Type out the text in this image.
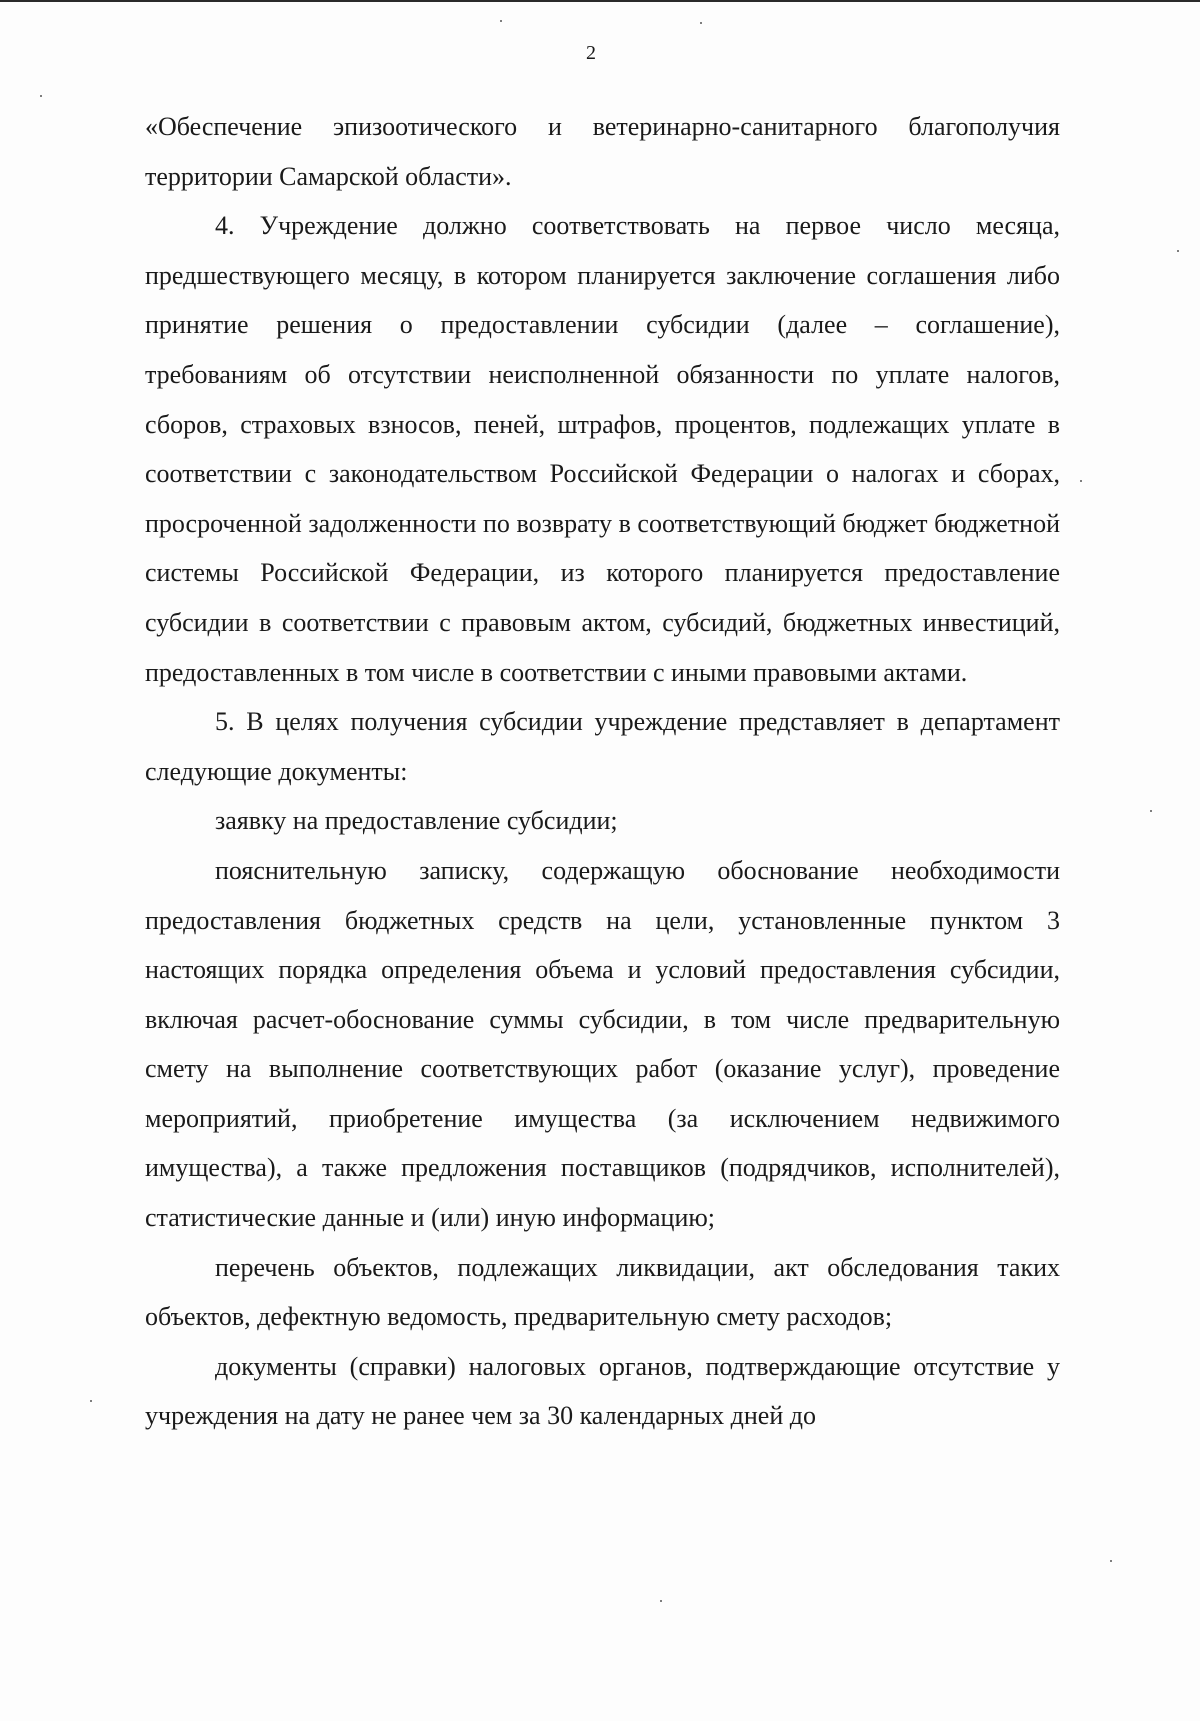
2

«Обеспечение эпизоотического и ветеринарно-санитарного благополучия территории Самарской области».

4. Учреждение должно соответствовать на первое число месяца, предшествующего месяцу, в котором планируется заключение соглашения либо принятие решения о предоставлении субсидии (далее – соглашение), требованиям об отсутствии неисполненной обязанности по уплате налогов, сборов, страховых взносов, пеней, штрафов, процентов, подлежащих уплате в соответствии с законодательством Российской Федерации о налогах и сборах, просроченной задолженности по возврату в соответствующий бюджет бюджетной системы Российской Федерации, из которого планируется предоставление субсидии в соответствии с правовым актом, субсидий, бюджетных инвестиций, предоставленных в том числе в соответствии с иными правовыми актами.

5. В целях получения субсидии учреждение представляет в департамент следующие документы:

заявку на предоставление субсидии;

пояснительную записку, содержащую обоснование необходимости предоставления бюджетных средств на цели, установленные пунктом 3 настоящих порядка определения объема и условий предоставления субсидии, включая расчет-обоснование суммы субсидии, в том числе предварительную смету на выполнение соответствующих работ (оказание услуг), проведение мероприятий, приобретение имущества (за исключением недвижимого имущества), а также предложения поставщиков (подрядчиков, исполнителей), статистические данные и (или) иную информацию;

перечень объектов, подлежащих ликвидации, акт обследования таких объектов, дефектную ведомость, предварительную смету расходов;

документы (справки) налоговых органов, подтверждающие отсутствие у учреждения на дату не ранее чем за 30 календарных дней до
